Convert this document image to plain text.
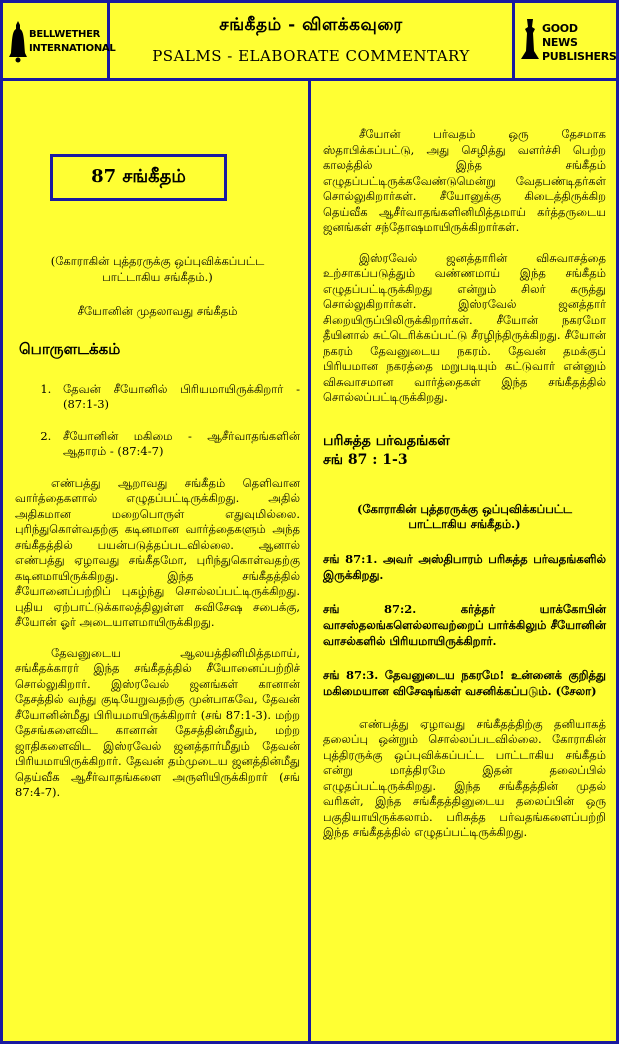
BELLWETHER
INTERNATIONAL
சங்கீதம் - விளக்கவுரை
PSALMS - ELABORATE COMMENTARY
GOOD NEWS
PUBLISHERS
87 சங்கீதம்

(கோராகின் புத்தரருக்கு ஒப்புவிக்கப்பட்ட பாட்டாகிய சங்கீதம்.)

சீயோனின் முதலாவது சங்கீதம்

பொருளடக்கம்
1. தேவன் சீயோனில் பிரியமாயிருக்கிறார் - (87:1-3)
2. சீயோனின் மகிமை - ஆசீர்வாதங்களின் ஆதாரம் - (87:4-7)

எண்பத்து ஆறாவது சங்கீதம் தெளிவான வார்த்தைகளால் எழுதப்பட்டிருக்கிறது. அதில் அதிகமான மறைபொருள் எதுவுமில்லை. புரிந்துகொள்வதற்கு கடினமான வார்த்தைகளும் அந்த சங்கீதத்தில் பயன்படுத்தப்படவில்லை. ஆனால் எண்பத்து ஏழாவது சங்கீதமோ, புரிந்துகொள்வதற்கு கடினமாயிருக்கிறது. இந்த சங்கீதத்தில் சீயோனைப்பற்றிப் புகழ்ந்து சொல்லப்பட்டிருக்கிறது. புதிய ஏற்பாட்டுக்காலத்திலுள்ள சுவிசேஷ சபைக்கு, சீயோன் ஓர் அடையாளமாயிருக்கிறது.

தேவனுடைய ஆலயத்தினிமித்தமாய், சங்கீதக்காரர் இந்த சங்கீதத்தில் சீயோனைப்பற்றிச் சொல்லுகிறார். இஸ்ரவேல் ஜனங்கள் கானான் தேசத்தில் வந்து குடியேறுவதற்கு முன்பாகவே, தேவன் சீயோனின்மீது பிரியமாயிருக்கிறார் (சங் 87:1-3). மற்ற தேசங்களைவிட கானான் தேசத்தின்மீதும், மற்ற ஜாதிகளைவிட இஸ்ரவேல் ஜனத்தார்மீதும் தேவன் பிரியமாயிருக்கிறார். தேவன் தம்முடைய ஜனத்தின்மீது தெய்வீக ஆசீர்வாதங்களை அருளியிருக்கிறார் (சங் 87:4-7).

சீயோன் பர்வதம் ஒரு தேசமாக ஸ்தாபிக்கப்பட்டு, அது செழித்து வளர்ச்சி பெற்ற காலத்தில் இந்த சங்கீதம் எழுதப்பட்டிருக்கவேண்டுமென்று வேதபண்டிதர்கள் சொல்லுகிறார்கள். சீயோனுக்கு கிடைத்திருக்கிற தெய்வீக ஆசீர்வாதங்களினிமித்தமாய் கர்த்தருடைய ஜனங்கள் சந்தோஷமாயிருக்கிறார்கள்.

இஸ்ரவேல் ஜனத்தாரின் விசுவாசத்தை உற்சாகப்படுத்தும் வண்ணமாய் இந்த சங்கீதம் எழுதப்பட்டிருக்கிறது என்றும் சிலர் கருத்து சொல்லுகிறார்கள். இஸ்ரவேல் ஜனத்தார் சிறையிருப்பிலிருக்கிறார்கள். சீயோன் நகரமோ தீயினால் சுட்டெரிக்கப்பட்டு சீரழிந்திருக்கிறது. சீயோன் நகரம் தேவனுடைய நகரம். தேவன் தமக்குப் பிரியமான நகரத்தை மறுபடியும் கட்டுவார் என்னும் விசுவாசமான வார்த்தைகள் இந்த சங்கீதத்தில் சொல்லப்பட்டிருக்கிறது.

பரிசுத்த பர்வதங்கள்
சங் 87 : 1-3

(கோராகின் புத்தரருக்கு ஒப்புவிக்கப்பட்ட பாட்டாகிய சங்கீதம்.)

சங் 87:1. அவர் அஸ்திபாரம் பரிசுத்த பர்வதங்களில் இருக்கிறது.

சங் 87:2. கர்த்தர் யாக்கோபின் வாசஸ்தலங்களெல்லாவற்றைப் பார்க்கிலும் சீயோனின் வாசல்களில் பிரியமாயிருக்கிறார்.

சங் 87:3. தேவனுடைய நகரமே! உன்னைக் குறித்து மகிமையான விசேஷங்கள் வசனிக்கப்படும். (சேலா)

எண்பத்து ஏழாவது சங்கீதத்திற்கு தனியாகத் தலைப்பு ஒன்றும் சொல்லப்படவில்லை. கோராகின் புத்திரருக்கு ஒப்புவிக்கப்பட்ட பாட்டாகிய சங்கீதம் என்று மாத்திரமே இதன் தலைப்பில் எழுதப்பட்டிருக்கிறது. இந்த சங்கீதத்தின் முதல் வரிகள், இந்த சங்கீதத்தினுடைய தலைப்பின் ஒரு பகுதியாயிருக்கலாம். பரிசுத்த பர்வதங்களைப்பற்றி இந்த சங்கீதத்தில் எழுதப்பட்டிருக்கிறது.
